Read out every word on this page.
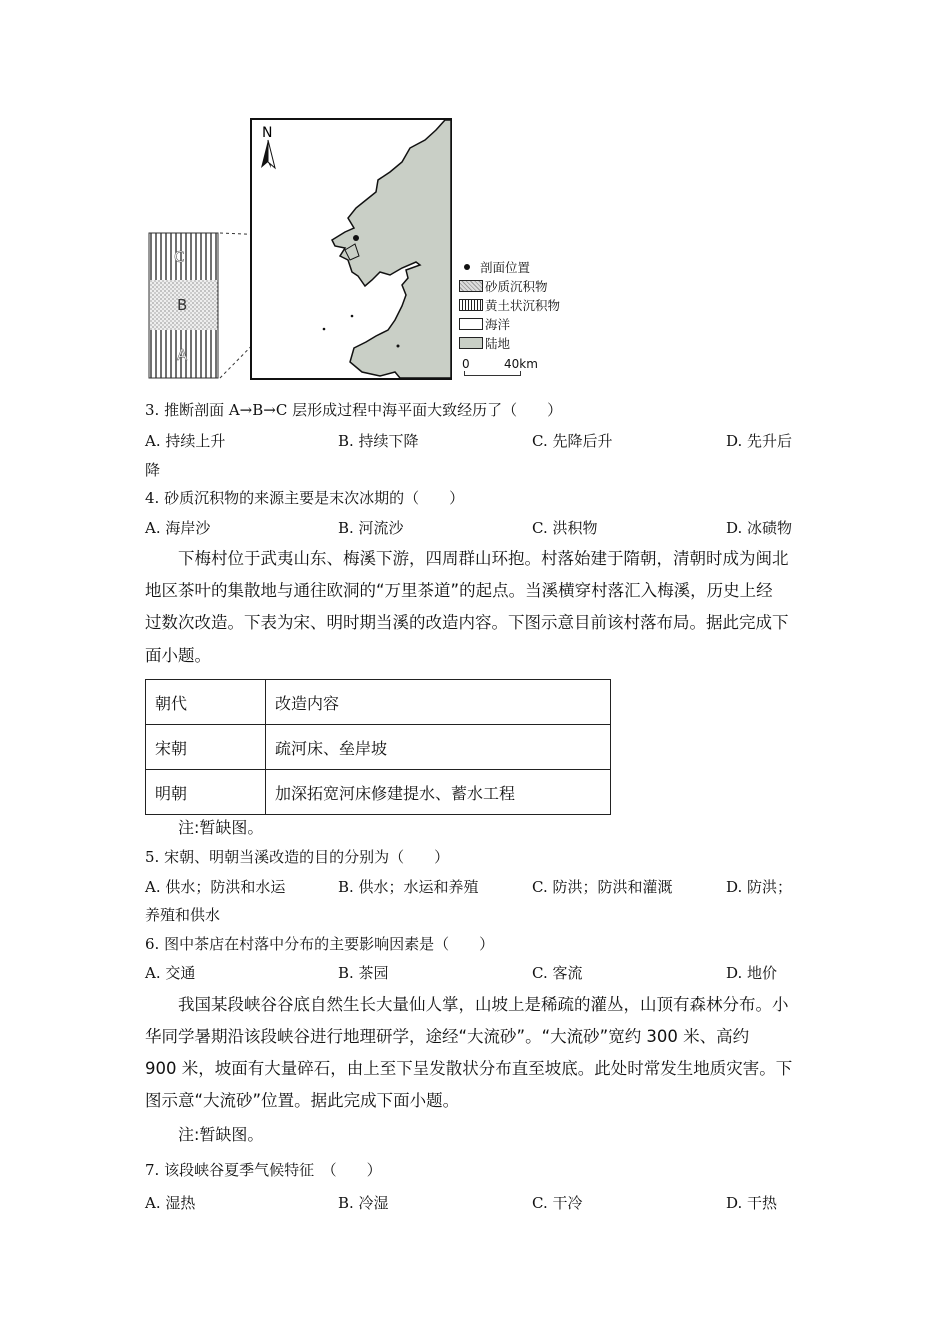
C
B
A
N
剖面位置
砂质沉积物
黄土状沉积物
海洋
陆地
0	40km
3. 推断剖面 A→B→C 层形成过程中海平面大致经历了（　　）
A. 持续上升	B. 持续下降	C. 先降后升	D. 先升后
降
4. 砂质沉积物的来源主要是末次冰期的（　　）
A. 海岸沙	B. 河流沙	C. 洪积物	D. 冰碛物
下梅村位于武夷山东、梅溪下游，四周群山环抱。村落始建于隋朝，清朝时成为闽北
地区茶叶的集散地与通往欧洞的“万里茶道”的起点。当溪横穿村落汇入梅溪，历史上经
过数次改造。下表为宋、明时期当溪的改造内容。下图示意目前该村落布局。据此完成下
面小题。
朝代	改造内容
宋朝	疏河床、垒岸坡
明朝	加深拓宽河床修建提水、蓄水工程
注:暂缺图。
5. 宋朝、明朝当溪改造的目的分别为（　　）
A. 供水；防洪和水运	B. 供水；水运和养殖	C. 防洪；防洪和灌溉	D. 防洪；
养殖和供水
6. 图中茶店在村落中分布的主要影响因素是（　　）
A. 交通	B. 茶园	C. 客流	D. 地价
我国某段峡谷谷底自然生长大量仙人掌，山坡上是稀疏的灌丛，山顶有森林分布。小
华同学暑期沿该段峡谷进行地理研学，途经“大流砂”。“大流砂”宽约 300 米、高约
900 米，坡面有大量碎石，由上至下呈发散状分布直至坡底。此处时常发生地质灾害。下
图示意“大流砂”位置。据此完成下面小题。
注:暂缺图。
7. 该段峡谷夏季气候特征　（　　）
A. 湿热	B. 冷湿	C. 干冷	D. 干热
